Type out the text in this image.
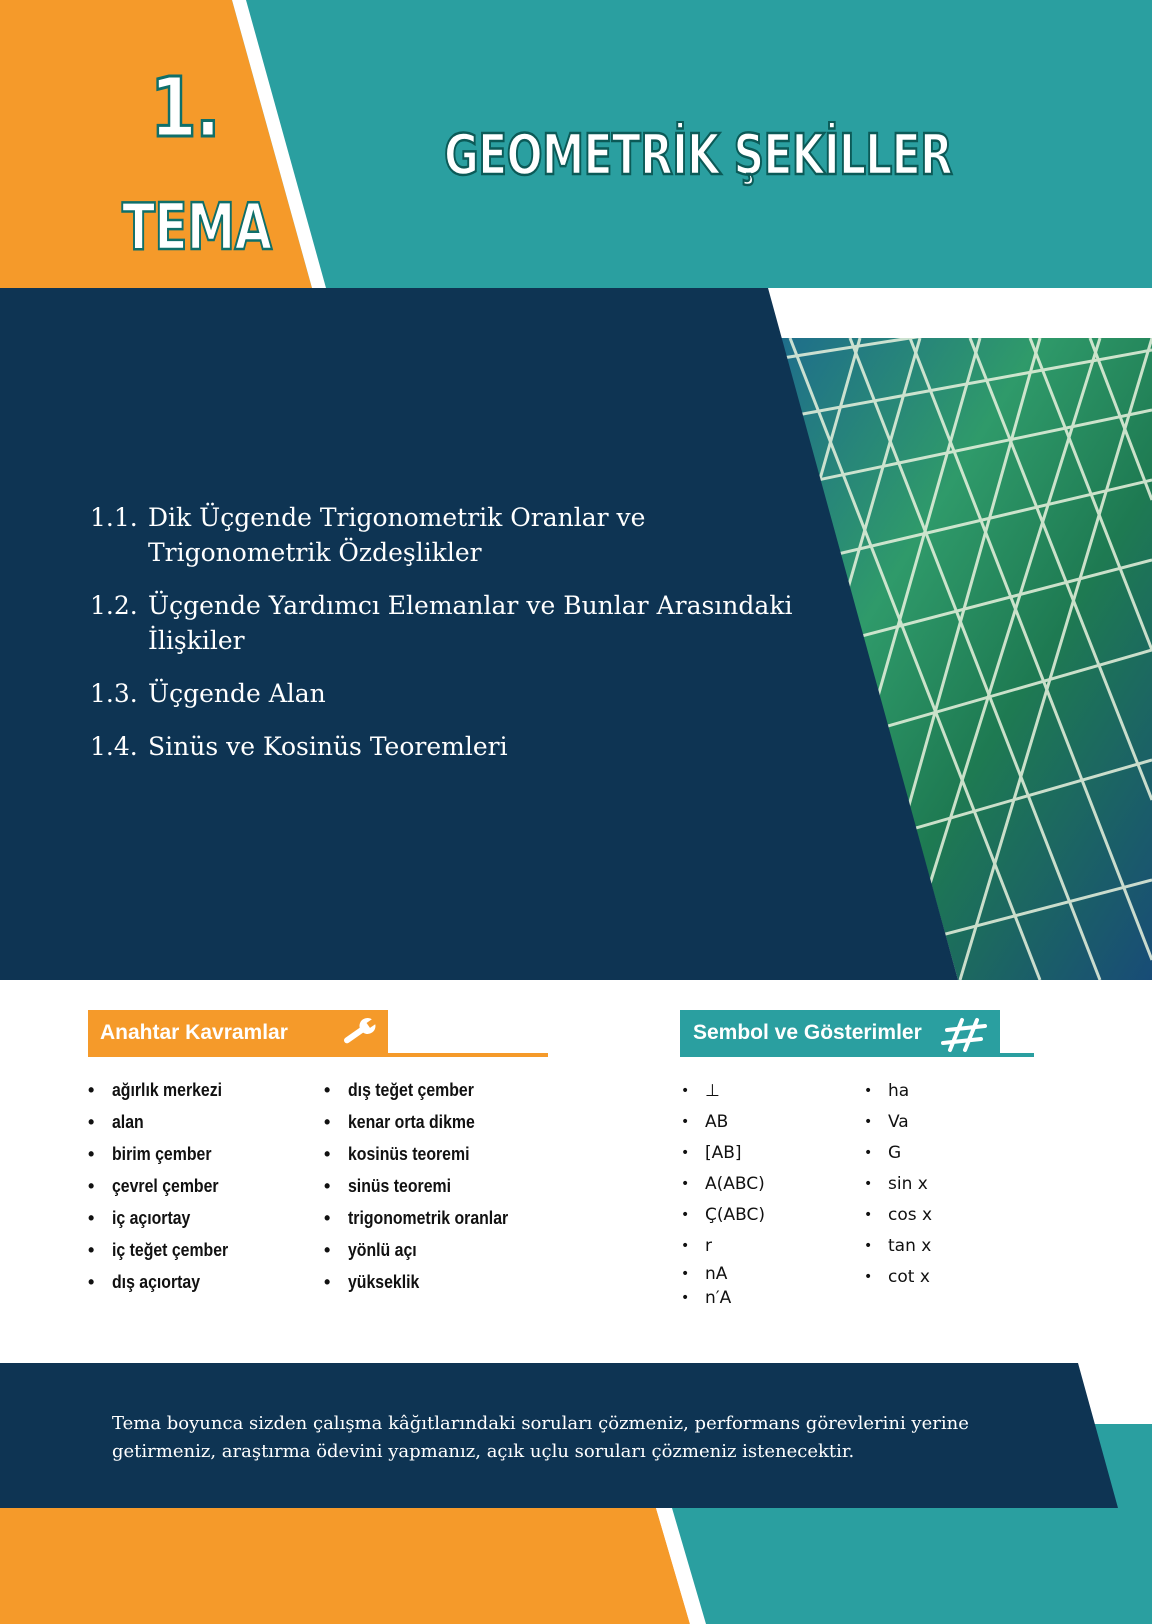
1.
TEMA
GEOMETRİK ŞEKİLLER
1.1. Dik Üçgende Trigonometrik Oranlar ve Trigonometrik Özdeşlikler
1.2. Üçgende Yardımcı Elemanlar ve Bunlar Arasındaki İlişkiler
1.3. Üçgende Alan
1.4. Sinüs ve Kosinüs Teoremleri
Anahtar Kavramlar	Sembol ve Gösterimler
• ağırlık merkezi
• alan
• birim çember
• çevrel çember
• iç açıortay
• iç teğet çember
• dış açıortay
• dış teğet çember
• kenar orta dikme
• kosinüs teoremi
• sinüs teoremi
• trigonometrik oranlar
• yönlü açı
• yükseklik
• ⊥
• AB
• [AB]
• A(ABC)
• Ç(ABC)
• r
• nA
• n′A
• ha
• Va
• G
• sin x
• cos x
• tan x
• cot x
Tema boyunca sizden çalışma kâğıtlarındaki soruları çözmeniz, performans görevlerini yerine getirmeniz, araştırma ödevini yapmanız, açık uçlu soruları çözmeniz istenecektir.
